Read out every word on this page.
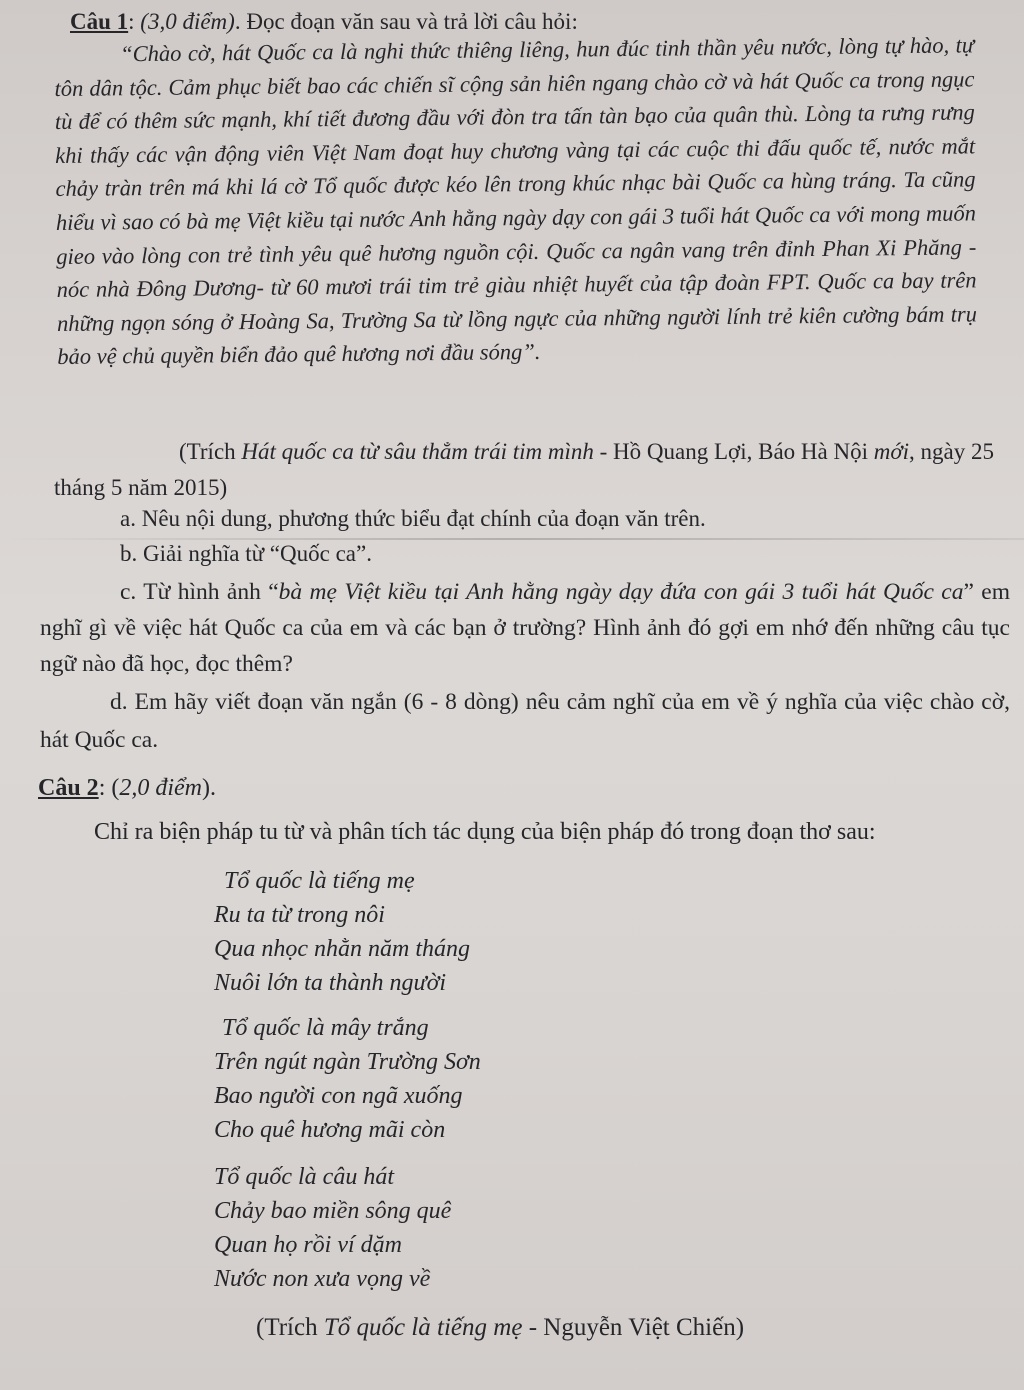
Câu 1: (3,0 điểm). Đọc đoạn văn sau và trả lời câu hỏi:

“Chào cờ, hát Quốc ca là nghi thức thiêng liêng, hun đúc tinh thần yêu nước, lòng tự hào, tự tôn dân tộc. Cảm phục biết bao các chiến sĩ cộng sản hiên ngang chào cờ và hát Quốc ca trong ngục tù để có thêm sức mạnh, khí tiết đương đầu với đòn tra tấn tàn bạo của quân thù. Lòng ta rưng rưng khi thấy các vận động viên Việt Nam đoạt huy chương vàng tại các cuộc thi đấu quốc tế, nước mắt chảy tràn trên má khi lá cờ Tổ quốc được kéo lên trong khúc nhạc bài Quốc ca hùng tráng. Ta cũng hiểu vì sao có bà mẹ Việt kiều tại nước Anh hằng ngày dạy con gái 3 tuổi hát Quốc ca với mong muốn gieo vào lòng con trẻ tình yêu quê hương nguồn cội. Quốc ca ngân vang trên đỉnh Phan Xi Phăng - nóc nhà Đông Dương- từ 60 mươi trái tim trẻ giàu nhiệt huyết của tập đoàn FPT. Quốc ca bay trên những ngọn sóng ở Hoàng Sa, Trường Sa từ lồng ngực của những người lính trẻ kiên cường bám trụ bảo vệ chủ quyền biển đảo quê hương nơi đầu sóng”.

(Trích Hát quốc ca từ sâu thẳm trái tim mình - Hồ Quang Lợi, Báo Hà Nội mới, ngày 25 tháng 5 năm 2015)

a. Nêu nội dung, phương thức biểu đạt chính của đoạn văn trên.
b. Giải nghĩa từ “Quốc ca”.

c. Từ hình ảnh “bà mẹ Việt kiều tại Anh hằng ngày dạy đứa con gái 3 tuổi hát Quốc ca” em nghĩ gì về việc hát Quốc ca của em và các bạn ở trường? Hình ảnh đó gợi em nhớ đến những câu tục ngữ nào đã học, đọc thêm?

d. Em hãy viết đoạn văn ngắn (6 - 8 dòng) nêu cảm nghĩ của em về ý nghĩa của việc chào cờ, hát Quốc ca.

Câu 2: (2,0 điểm).
Chỉ ra biện pháp tu từ và phân tích tác dụng của biện pháp đó trong đoạn thơ sau:
Tổ quốc là tiếng mẹ
Ru ta từ trong nôi
Qua nhọc nhằn năm tháng
Nuôi lớn ta thành người
Tổ quốc là mây trắng
Trên ngút ngàn Trường Sơn
Bao người con ngã xuống
Cho quê hương mãi còn
Tổ quốc là câu hát
Chảy bao miền sông quê
Quan họ rồi ví dặm
Nước non xưa vọng về
(Trích Tổ quốc là tiếng mẹ - Nguyễn Việt Chiến)
